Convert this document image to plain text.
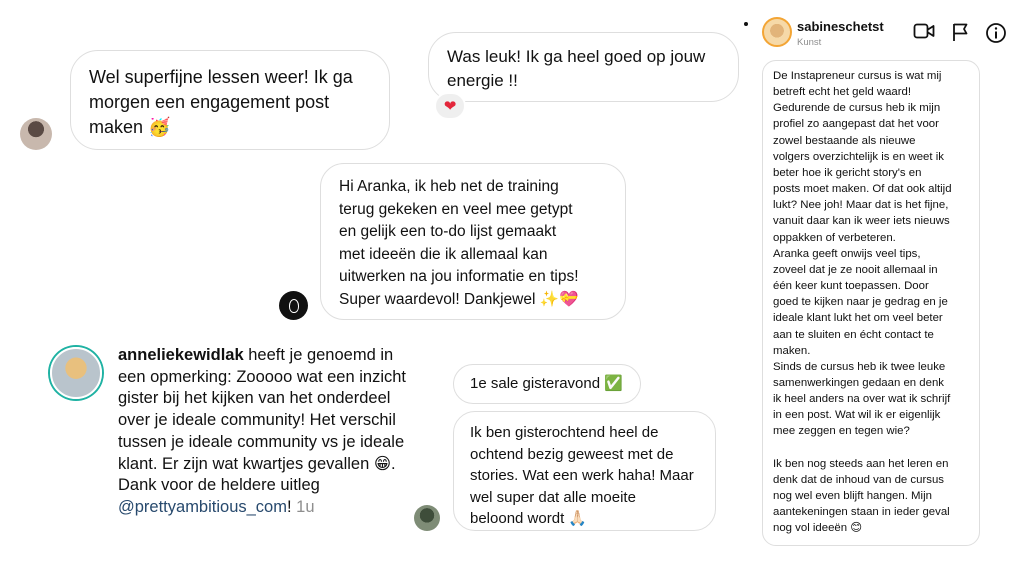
Wel superfijne lessen weer! Ik ga
morgen een engagement post
maken 🥳

Was leuk! Ik ga heel goed op jouw
energie !!

❤

Hi Aranka, ik heb net de training
terug gekeken en veel mee getypt
en gelijk een to-do lijst gemaakt
met ideeën die ik allemaal kan
uitwerken na jou informatie en tips!
Super waardevol! Dankjewel ✨💝

anneliekewidlak heeft je genoemd in een opmerking: Zooooo wat een inzicht gister bij het kijken van het onderdeel over je ideale community! Het verschil tussen je ideale community vs je ideale klant. Er zijn wat kwartjes gevallen 😁. Dank voor de heldere uitleg @prettyambitious_com! 1u

1e sale gisteravond ✅

Ik ben gisterochtend heel de
ochtend bezig geweest met de
stories. Wat een werk haha! Maar
wel super dat alle moeite
beloond wordt 🙏🏻

sabineschetst
Kunst

De Instapreneur cursus is wat mij
betreft echt het geld waard!
Gedurende de cursus heb ik mijn
profiel zo aangepast dat het voor
zowel bestaande als nieuwe
volgers overzichtelijk is en weet ik
beter hoe ik gericht story's en
posts moet maken. Of dat ook altijd
lukt? Nee joh! Maar dat is het fijne,
vanuit daar kan ik weer iets nieuws
oppakken of verbeteren.
Aranka geeft onwijs veel tips,
zoveel dat je ze nooit allemaal in
één keer kunt toepassen. Door
goed te kijken naar je gedrag en je
ideale klant lukt het om veel beter
aan te sluiten en écht contact te
maken.
Sinds de cursus heb ik twee leuke
samenwerkingen gedaan en denk
ik heel anders na over wat ik schrijf
in een post. Wat wil ik er eigenlijk
mee zeggen en tegen wie?

Ik ben nog steeds aan het leren en
denk dat de inhoud van de cursus
nog wel even blijft hangen. Mijn
aantekeningen staan in ieder geval
nog vol ideeën 😊
